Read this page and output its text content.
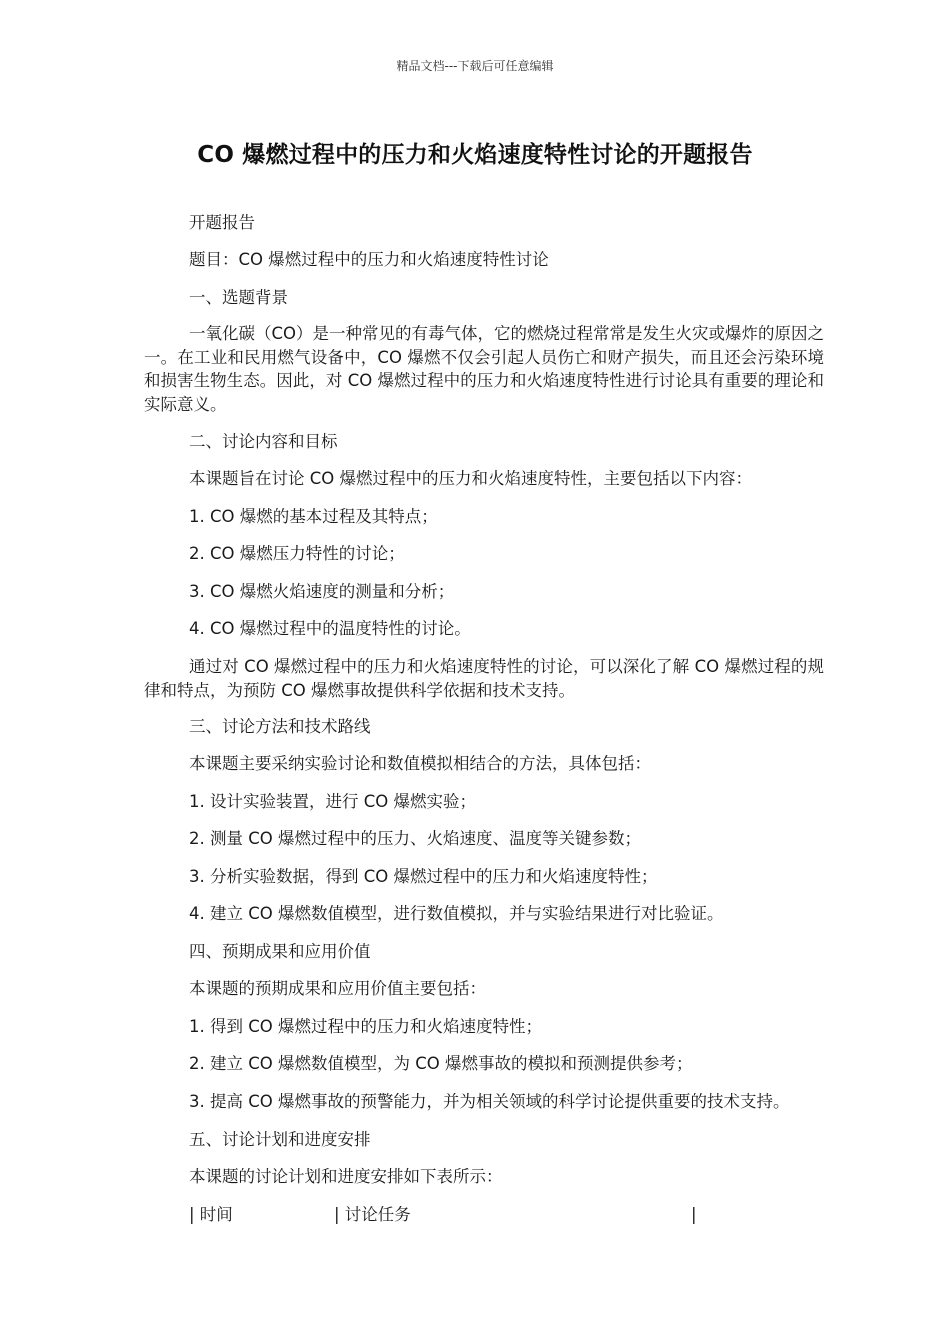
精品文档---下载后可任意编辑
CO 爆燃过程中的压力和火焰速度特性讨论的开题报告
开题报告
题目：CO 爆燃过程中的压力和火焰速度特性讨论
一、选题背景
一氧化碳（CO）是一种常见的有毒气体，它的燃烧过程常常是发生火灾或爆炸的原因之一。在工业和民用燃气设备中，CO 爆燃不仅会引起人员伤亡和财产损失，而且还会污染环境和损害生物生态。因此，对 CO 爆燃过程中的压力和火焰速度特性进行讨论具有重要的理论和实际意义。
二、讨论内容和目标
本课题旨在讨论 CO 爆燃过程中的压力和火焰速度特性，主要包括以下内容：
1. CO 爆燃的基本过程及其特点；
2. CO 爆燃压力特性的讨论；
3. CO 爆燃火焰速度的测量和分析；
4. CO 爆燃过程中的温度特性的讨论。
通过对 CO 爆燃过程中的压力和火焰速度特性的讨论，可以深化了解 CO 爆燃过程的规律和特点，为预防 CO 爆燃事故提供科学依据和技术支持。
三、讨论方法和技术路线
本课题主要采纳实验讨论和数值模拟相结合的方法，具体包括：
1. 设计实验装置，进行 CO 爆燃实验；
2. 测量 CO 爆燃过程中的压力、火焰速度、温度等关键参数；
3. 分析实验数据，得到 CO 爆燃过程中的压力和火焰速度特性；
4. 建立 CO 爆燃数值模型，进行数值模拟，并与实验结果进行对比验证。
四、预期成果和应用价值
本课题的预期成果和应用价值主要包括：
1. 得到 CO 爆燃过程中的压力和火焰速度特性；
2. 建立 CO 爆燃数值模型，为 CO 爆燃事故的模拟和预测提供参考；
3. 提高 CO 爆燃事故的预警能力，并为相关领域的科学讨论提供重要的技术支持。
五、讨论计划和进度安排
本课题的讨论计划和进度安排如下表所示：
| 时间	| 讨论任务	|
